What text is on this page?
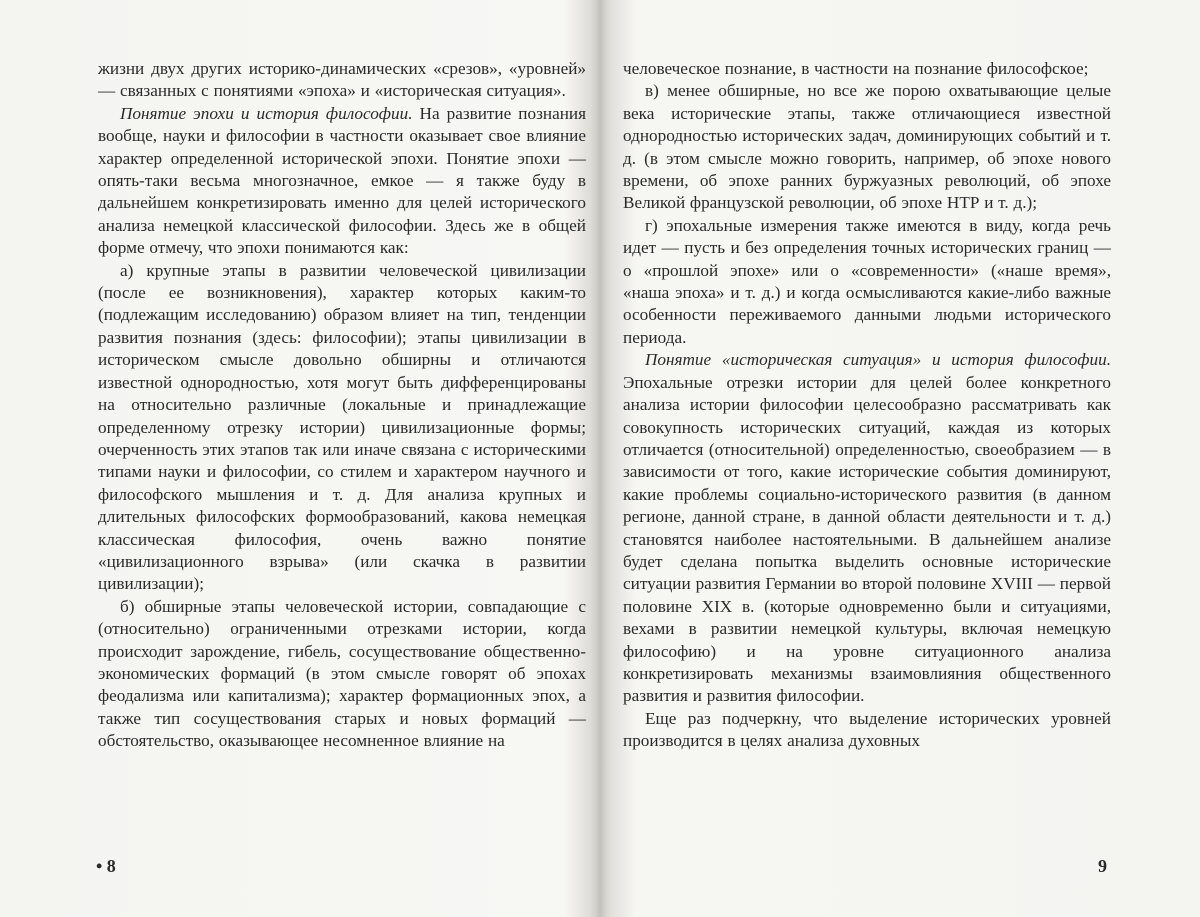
жизни двух других историко-динамических «срезов», «уровней» — связанных с понятиями «эпоха» и «историческая ситуация».

Понятие эпохи и история философии. На развитие познания вообще, науки и философии в частности оказывает свое влияние характер определенной исторической эпохи. Понятие эпохи — опять-таки весьма многозначное, емкое — я также буду в дальнейшем конкретизировать именно для целей исторического анализа немецкой классической философии. Здесь же в общей форме отмечу, что эпохи понимаются как:

а) крупные этапы в развитии человеческой цивилизации (после ее возникновения), характер которых каким-то (подлежащим исследованию) образом влияет на тип, тенденции развития познания (здесь: философии); этапы цивилизации в историческом смысле довольно обширны и отличаются известной однородностью, хотя могут быть дифференцированы на относительно различные (локальные и принадлежащие определенному отрезку истории) цивилизационные формы; очерченность этих этапов так или иначе связана с историческими типами науки и философии, со стилем и характером научного и философского мышления и т. д. Для анализа крупных и длительных философских формообразований, какова немецкая классическая философия, очень важно понятие «цивилизационного взрыва» (или скачка в развитии цивилизации);

б) обширные этапы человеческой истории, совпадающие с (относительно) ограниченными отрезками истории, когда происходит зарождение, гибель, сосуществование общественно-экономических формаций (в этом смысле говорят об эпохах феодализма или капитализма); характер формационных эпох, а также тип сосуществования старых и новых формаций — обстоятельство, оказывающее несомненное влияние на

• 8

человеческое познание, в частности на познание философское;

в) менее обширные, но все же порою охватывающие целые века исторические этапы, также отличающиеся известной однородностью исторических задач, доминирующих событий и т. д. (в этом смысле можно говорить, например, об эпохе нового времени, об эпохе ранних буржуазных революций, об эпохе Великой французской революции, об эпохе НТР и т. д.);

г) эпохальные измерения также имеются в виду, когда речь идет — пусть и без определения точных исторических границ — о «прошлой эпохе» или о «современности» («наше время», «наша эпоха» и т. д.) и когда осмысливаются какие-либо важные особенности переживаемого данными людьми исторического периода.

Понятие «историческая ситуация» и история философии. Эпохальные отрезки истории для целей более конкретного анализа истории философии целесообразно рассматривать как совокупность исторических ситуаций, каждая из которых отличается (относительной) определенностью, своеобразием — в зависимости от того, какие исторические события доминируют, какие проблемы социально-исторического развития (в данном регионе, данной стране, в данной области деятельности и т. д.) становятся наиболее настоятельными. В дальнейшем анализе будет сделана попытка выделить основные исторические ситуации развития Германии во второй половине XVIII — первой половине XIX в. (которые одновременно были и ситуациями, вехами в развитии немецкой культуры, включая немецкую философию) и на уровне ситуационного анализа конкретизировать механизмы взаимовлияния общественного развития и развития философии.

Еще раз подчеркну, что выделение исторических уровней производится в целях анализа духовных

9
